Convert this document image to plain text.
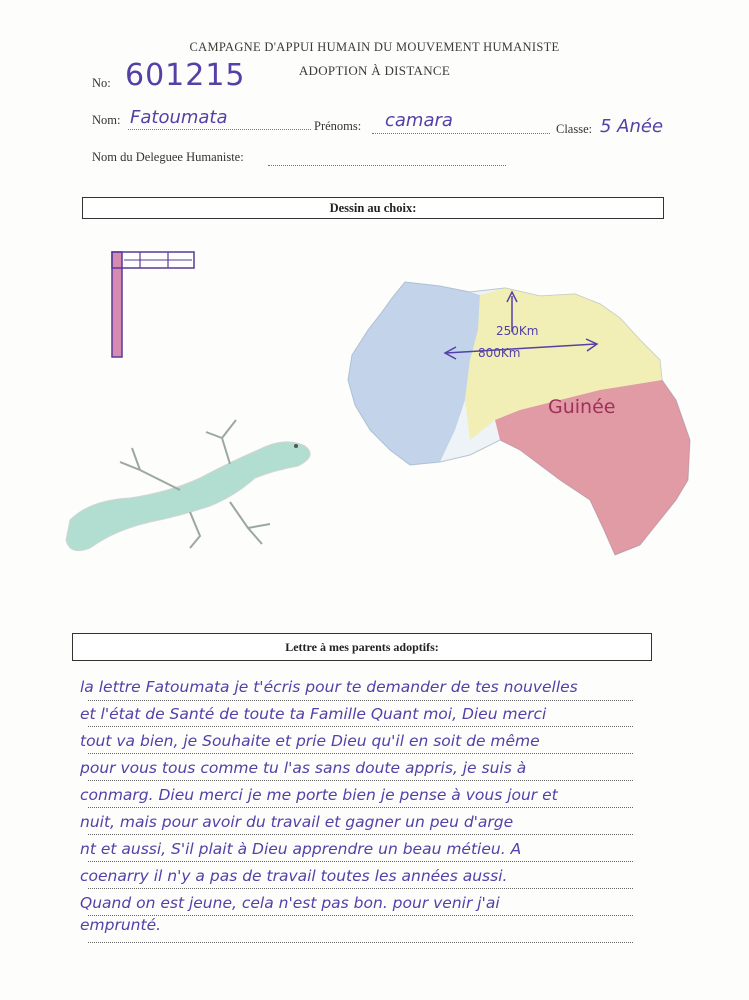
CAMPAGNE D'APPUI HUMAIN DU MOUVEMENT HUMANISTE
ADOPTION À DISTANCE
No: 601215
Nom: Fatoumata	Prénoms: camara	Classe: 5 Anée
Nom du Deleguee Humaniste:
Dessin au choix:
250Km
800Km
Guinée
Lettre à mes parents adoptifs:
la lettre Fatoumata je t'écris pour te demander de tes nouvelles
et l'état de Santé de toute ta Famille Quant moi, Dieu merci
tout va bien, je Souhaite et prie Dieu qu'il en soit de même
pour vous tous comme tu l'as sans doute appris, je suis à
conmarg. Dieu merci je me porte bien je pense à vous jour et
nuit, mais pour avoir du travail et gagner un peu d'arge
nt et aussi, S'il plait à Dieu apprendre un beau métieu. A
coenarry il n'y a pas de travail toutes les années aussi.
Quand on est jeune, cela n'est pas bon. pour venir j'ai
emprunté.
